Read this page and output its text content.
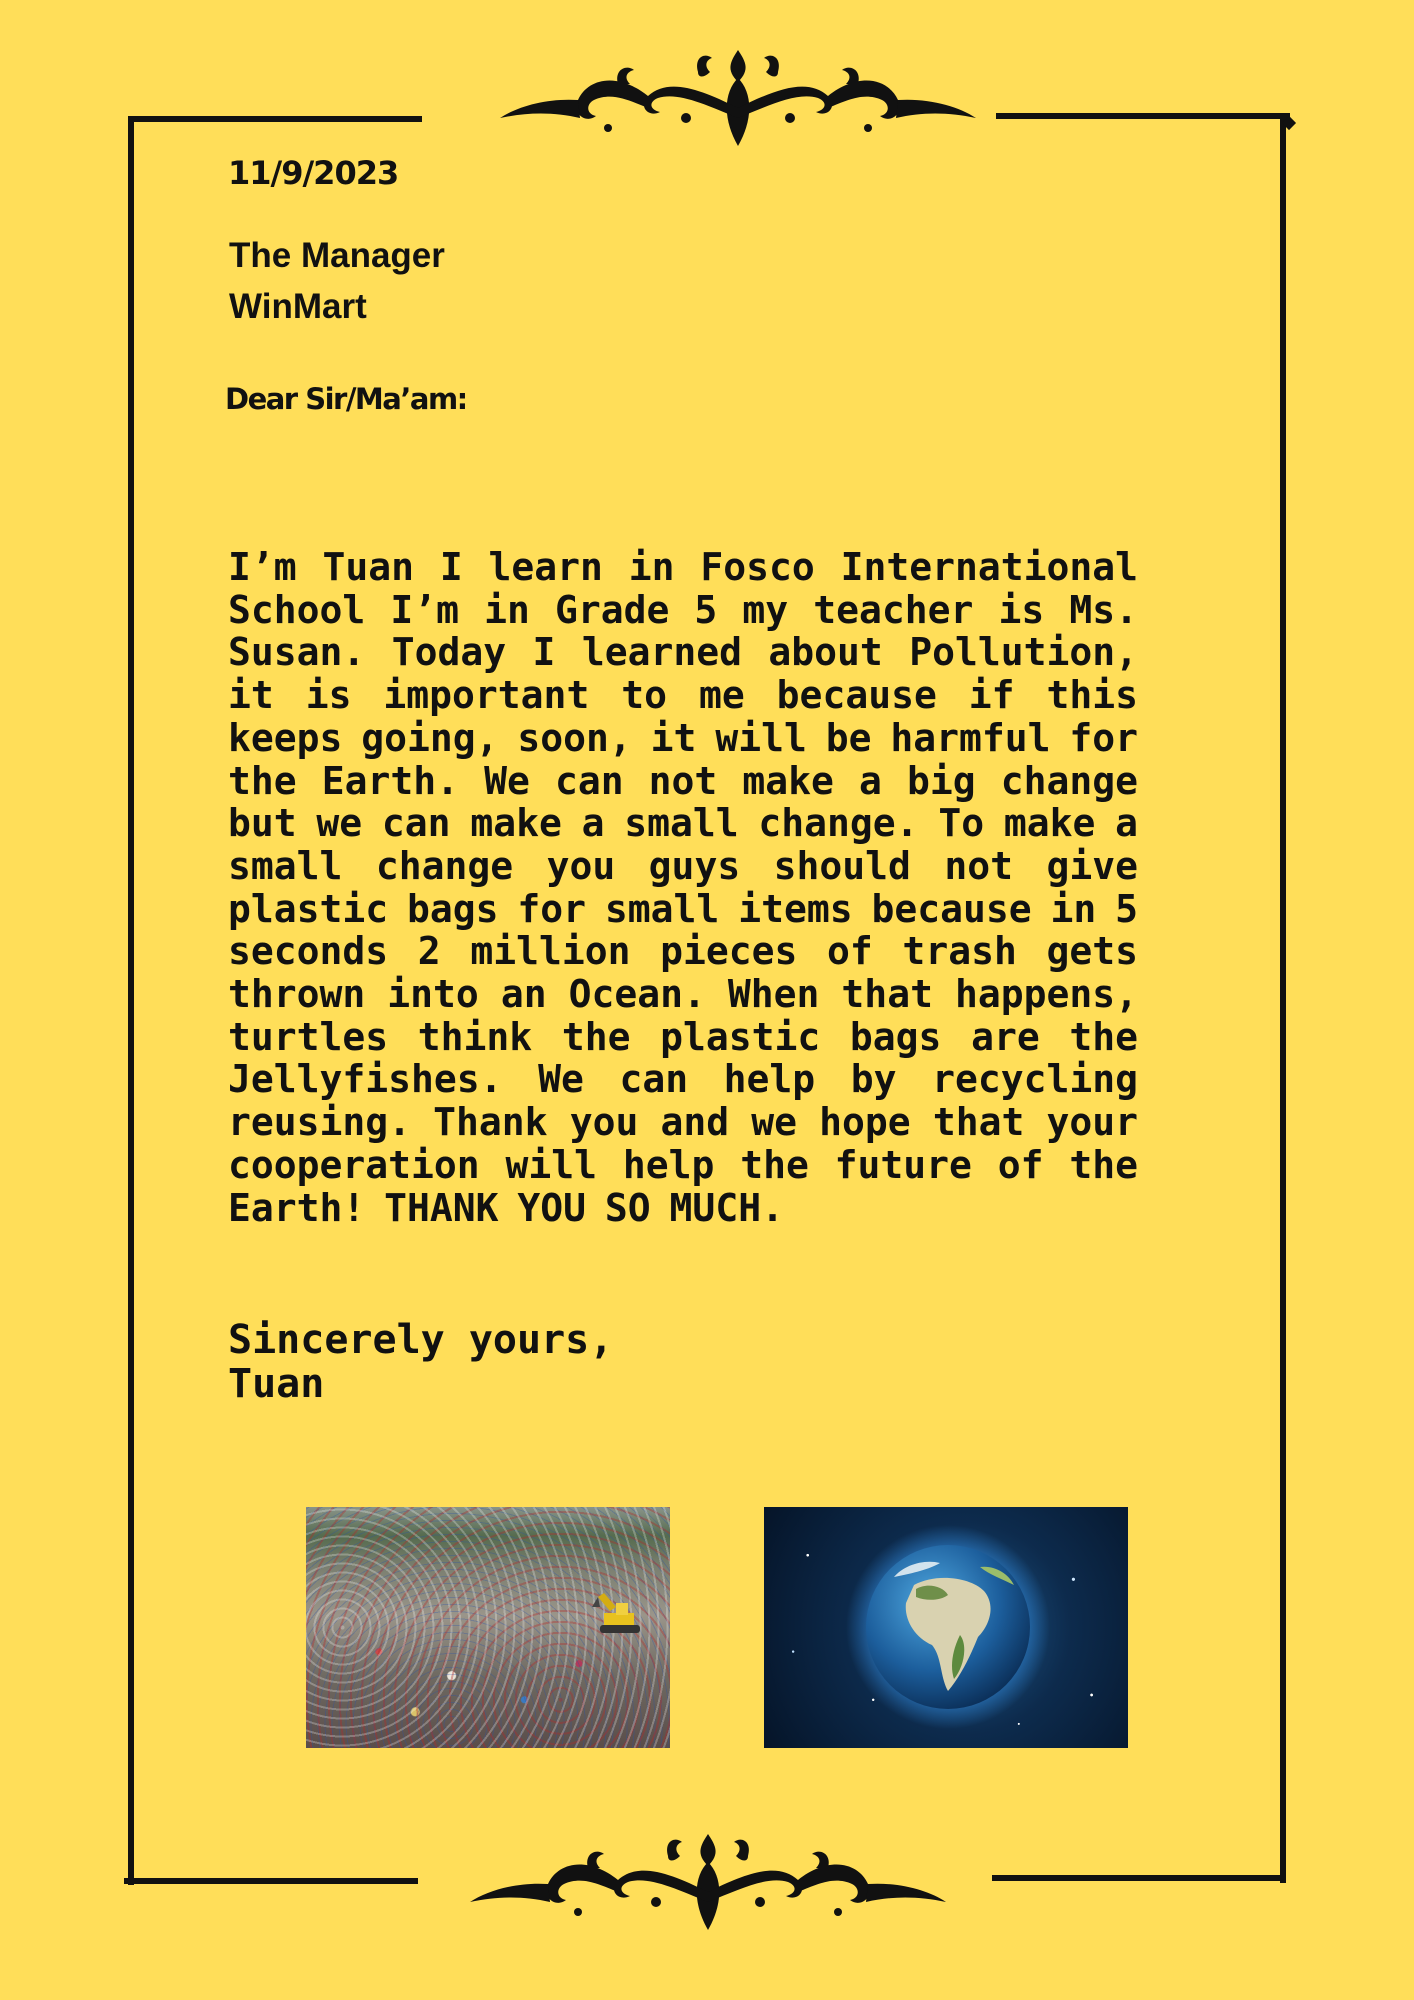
11/9/2023
The Manager
WinMart
Dear Sir/Ma’am:
I’m Tuan I learn in Fosco International School I’m in Grade 5 my teacher is Ms. Susan. Today I learned about Pollution, it is important to me because if this keeps going, soon, it will be harmful for the Earth. We can not make a big change but we can make a small change. To make a small change you guys should not give plastic bags for small items because in 5 seconds 2 million pieces of trash gets thrown into an Ocean. When that happens, turtles think the plastic bags are the Jellyfishes. We can help by recycling reusing. Thank you and we hope that your cooperation will help the future of the Earth! THANK YOU SO MUCH.
Sincerely yours,
Tuan
